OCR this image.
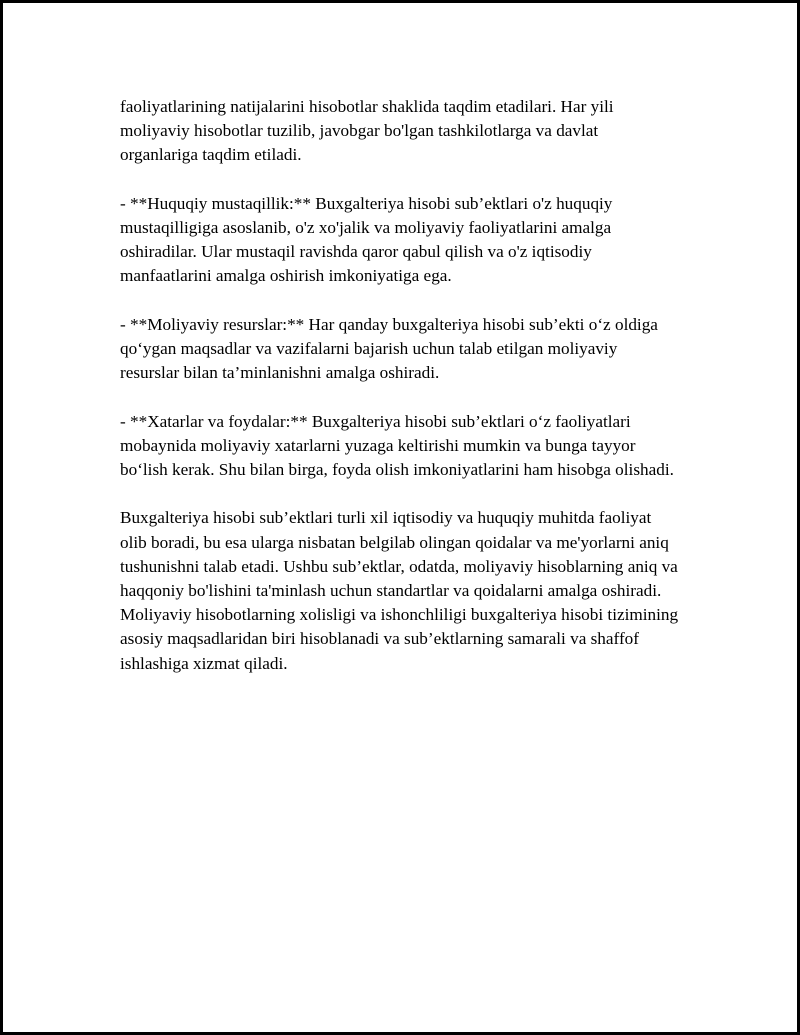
faoliyatlarining natijalarini hisobotlar shaklida taqdim etadilari. Har yili moliyaviy hisobotlar tuzilib, javobgar bo'lgan tashkilotlarga va davlat organlariga taqdim etiladi.

- **Huquqiy mustaqillik:** Buxgalteriya hisobi sub’ektlari o'z huquqiy mustaqilligiga asoslanib, o'z xo'jalik va moliyaviy faoliyatlarini amalga oshiradilar. Ular mustaqil ravishda qaror qabul qilish va o'z iqtisodiy manfaatlarini amalga oshirish imkoniyatiga ega.

- **Moliyaviy resurslar:** Har qanday buxgalteriya hisobi sub’ekti o‘z oldiga qo‘ygan maqsadlar va vazifalarni bajarish uchun talab etilgan moliyaviy resurslar bilan ta’minlanishni amalga oshiradi.

- **Xatarlar va foydalar:** Buxgalteriya hisobi sub’ektlari o‘z faoliyatlari mobaynida moliyaviy xatarlarni yuzaga keltirishi mumkin va bunga tayyor bo‘lish kerak. Shu bilan birga, foyda olish imkoniyatlarini ham hisobga olishadi.

Buxgalteriya hisobi sub’ektlari turli xil iqtisodiy va huquqiy muhitda faoliyat olib boradi, bu esa ularga nisbatan belgilab olingan qoidalar va me'yorlarni aniq tushunishni talab etadi. Ushbu sub’ektlar, odatda, moliyaviy hisoblarning aniq va haqqoniy bo'lishini ta'minlash uchun standartlar va qoidalarni amalga oshiradi. Moliyaviy hisobotlarning xolisligi va ishonchliligi buxgalteriya hisobi tizimining asosiy maqsadlaridan biri hisoblanadi va sub’ektlarning samarali va shaffof ishlashiga xizmat qiladi.
